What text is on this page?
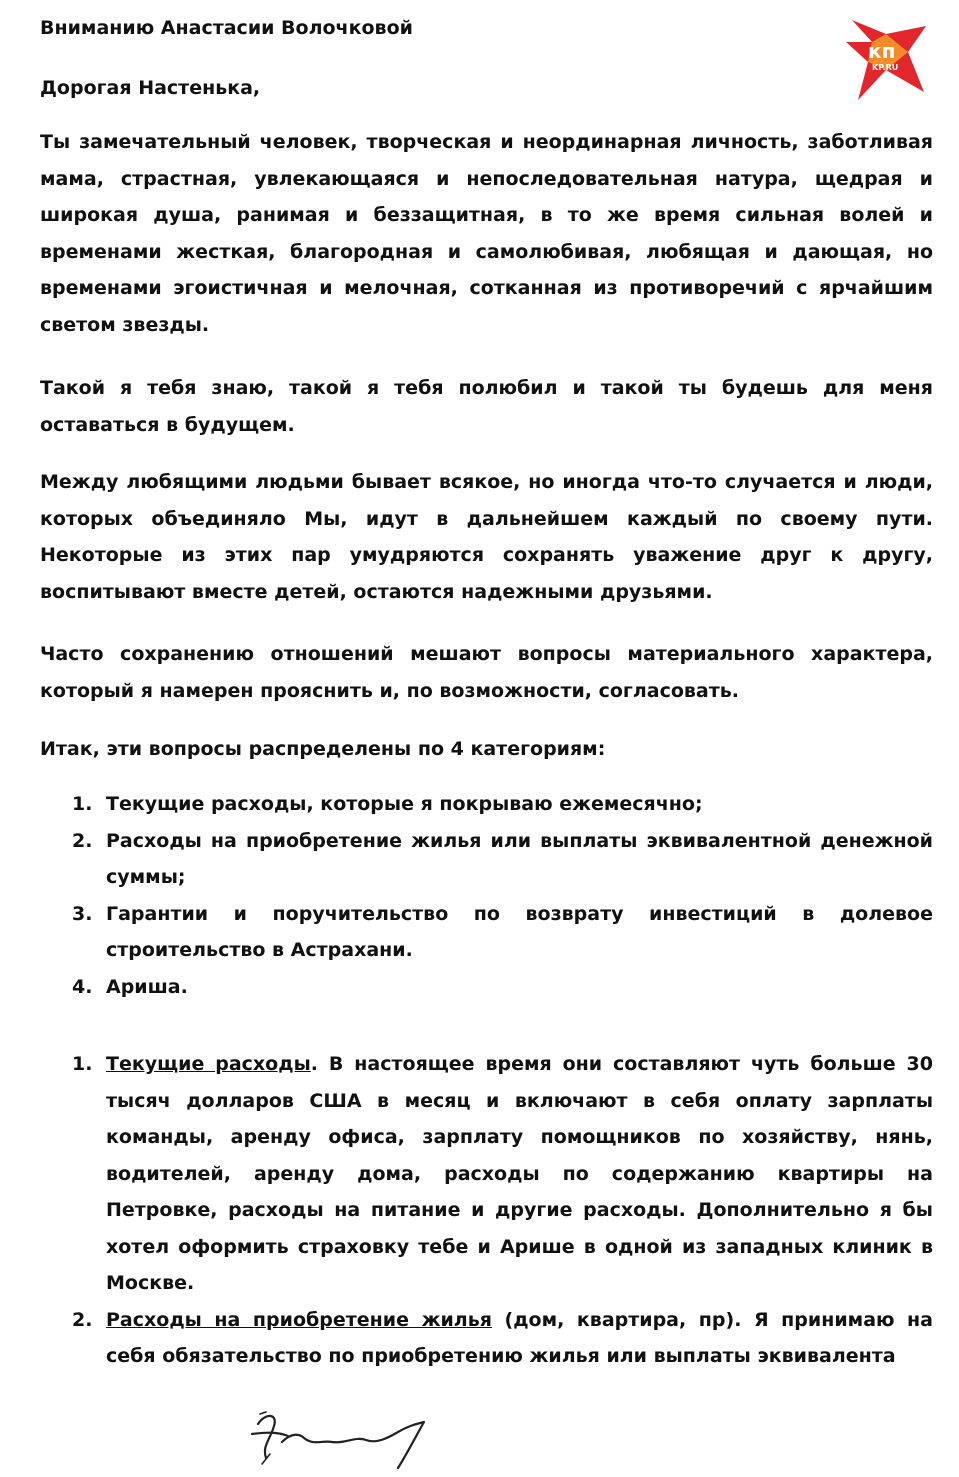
кп
KP.RU

Вниманию Анастасии Волочковой

Дорогая Настенька,

Ты замечательный человек, творческая и неординарная личность, заботливая мама, страстная, увлекающаяся и непоследовательная натура, щедрая и широкая душа, ранимая и беззащитная, в то же время сильная волей и временами жесткая, благородная и самолюбивая, любящая и дающая, но временами эгоистичная и мелочная, сотканная из противоречий с ярчайшим светом звезды.

Такой я тебя знаю, такой я тебя полюбил и такой ты будешь для меня оставаться в будущем.

Между любящими людьми бывает всякое, но иногда что-то случается и люди, которых объединяло Мы, идут в дальнейшем каждый по своему пути. Некоторые из этих пар умудряются сохранять уважение друг к другу, воспитывают вместе детей, остаются надежными друзьями.

Часто сохранению отношений мешают вопросы материального характера, который я намерен прояснить и, по возможности, согласовать.

Итак, эти вопросы распределены по 4 категориям:

1. Текущие расходы, которые я покрываю ежемесячно;
2. Расходы на приобретение жилья или выплаты эквивалентной денежной суммы;
3. Гарантии и поручительство по возврату инвестиций в долевое строительство в Астрахани.
4. Ариша.
1. Текущие расходы. В настоящее время они составляют чуть больше 30 тысяч долларов США в месяц и включают в себя оплату зарплаты команды, аренду офиса, зарплату помощников по хозяйству, нянь, водителей, аренду дома, расходы по содержанию квартиры на Петровке, расходы на питание и другие расходы. Дополнительно я бы хотел оформить страховку тебе и Арише в одной из западных клиник в Москве.
2. Расходы на приобретение жилья (дом, квартира, пр). Я принимаю на себя обязательство по приобретению жилья или выплаты эквивалента
